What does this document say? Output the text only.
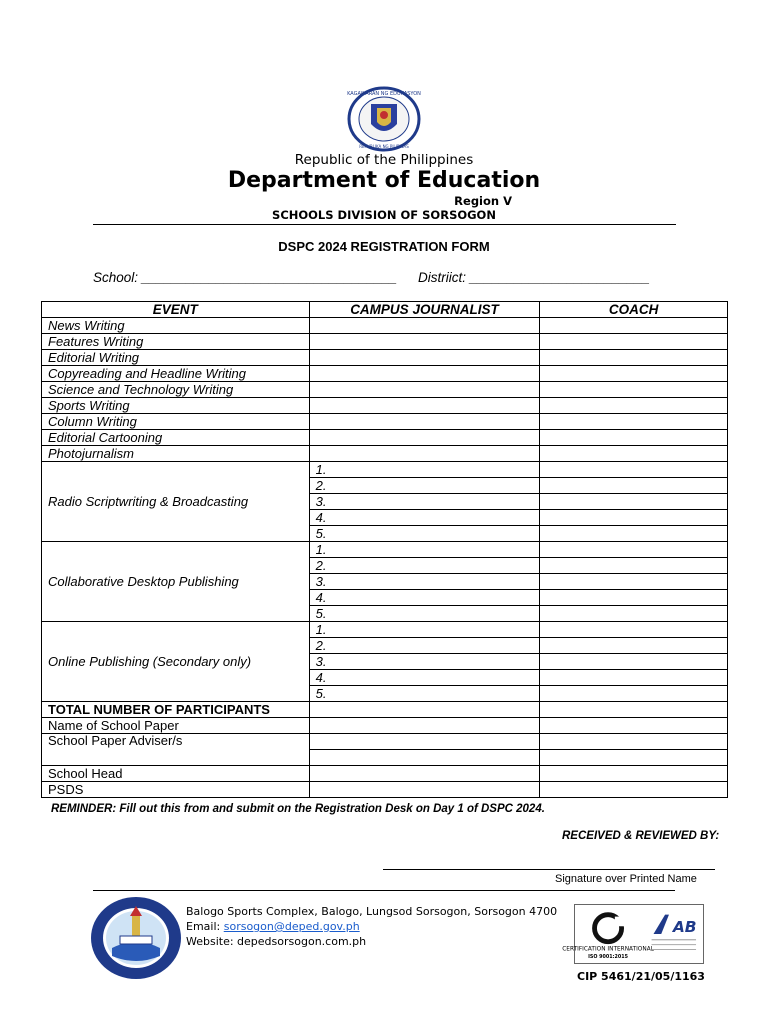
KAGAWARAN NG EDUKASYON
REPUBLIKA NG PILIPINAS
Republic of the Philippines
Department of Education
Region V
SCHOOLS DIVISION OF SORSOGON
DSPC 2024 REGISTRATION FORM
School: __________________________________ Distriict: ________________________
EVENT	CAMPUS JOURNALIST	COACH
News Writing		
Features Writing		
Editorial Writing		
Copyreading and Headline Writing		
Science and Technology Writing		
Sports Writing		
Column Writing		
Editorial Cartooning		
Photojurnalism		
Radio Scriptwriting & Broadcasting	1.	
	2.	
	3.	
	4.	
	5.	
Collaborative Desktop Publishing	1.	
	2.	
	3.	
	4.	
	5.	
Online Publishing (Secondary only)	1.	
	2.	
	3.	
	4.	
	5.	
TOTAL NUMBER OF PARTICIPANTS		
Name of School Paper		
School Paper Adviser/s		

School Head		
PSDS		
REMINDER: Fill out this from and submit on the Registration Desk on Day 1 of DSPC 2024.
RECEIVED & REVIEWED BY:
Signature over Printed Name
Balogo Sports Complex, Balogo, Lungsod Sorsogon, Sorsogon 4700
Email: sorsogon@deped.gov.ph
Website: depedsorsogon.com.ph
CERTIFICATION INTERNATIONAL
ISO 9001:2015
AB
CIP 5461/21/05/1163
